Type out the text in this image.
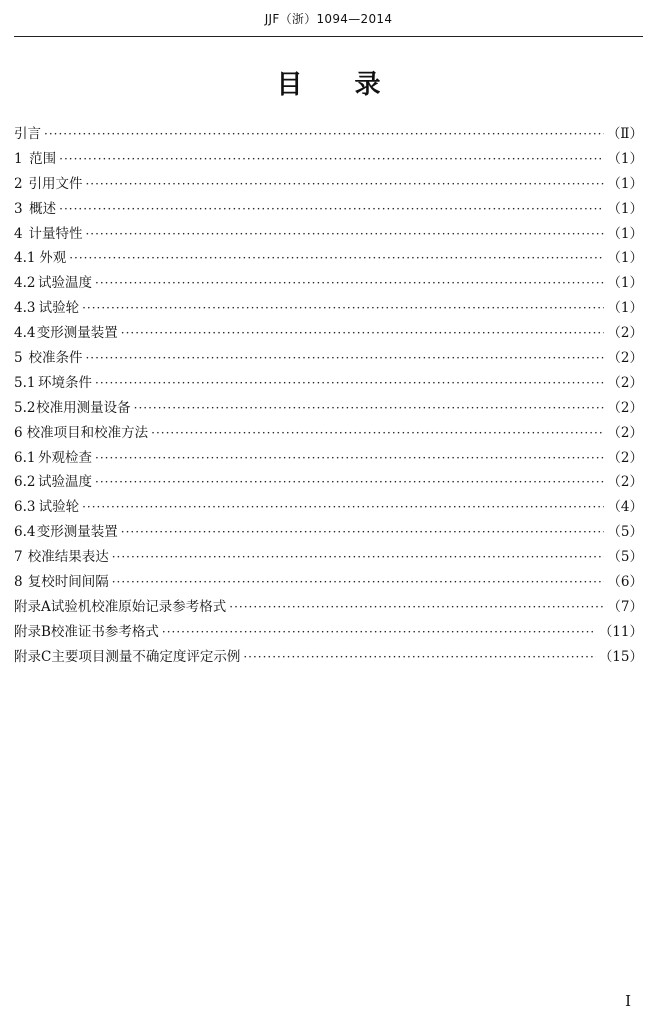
JJF（浙）1094—2014
目录
引言 ·····	（Ⅱ）
1 范围 ·····	（1）
2 引用文件 ·····	（1）
3 概述 ·····	（1）
4 计量特性 ·····	（1）
4.1 外观 ·····	（1）
4.2 试验温度 ·····	（1）
4.3 试验轮 ·····	（1）
4.4 变形测量装置 ·····	（2）
5 校准条件 ·····	（2）
5.1 环境条件 ·····	（2）
5.2 校准用测量设备 ·····	（2）
6 校准项目和校准方法 ·····	（2）
6.1 外观检查 ·····	（2）
6.2 试验温度 ·····	（2）
6.3 试验轮 ·····	（4）
6.4 变形测量装置 ·····	（5）
7 校准结果表达 ·····	（5）
8 复校时间间隔 ·····	（6）
附录A 试验机校准原始记录参考格式 ·····	（7）
附录B 校准证书参考格式 ·····	（11）
附录C 主要项目测量不确定度评定示例 ·····	（15）
I
